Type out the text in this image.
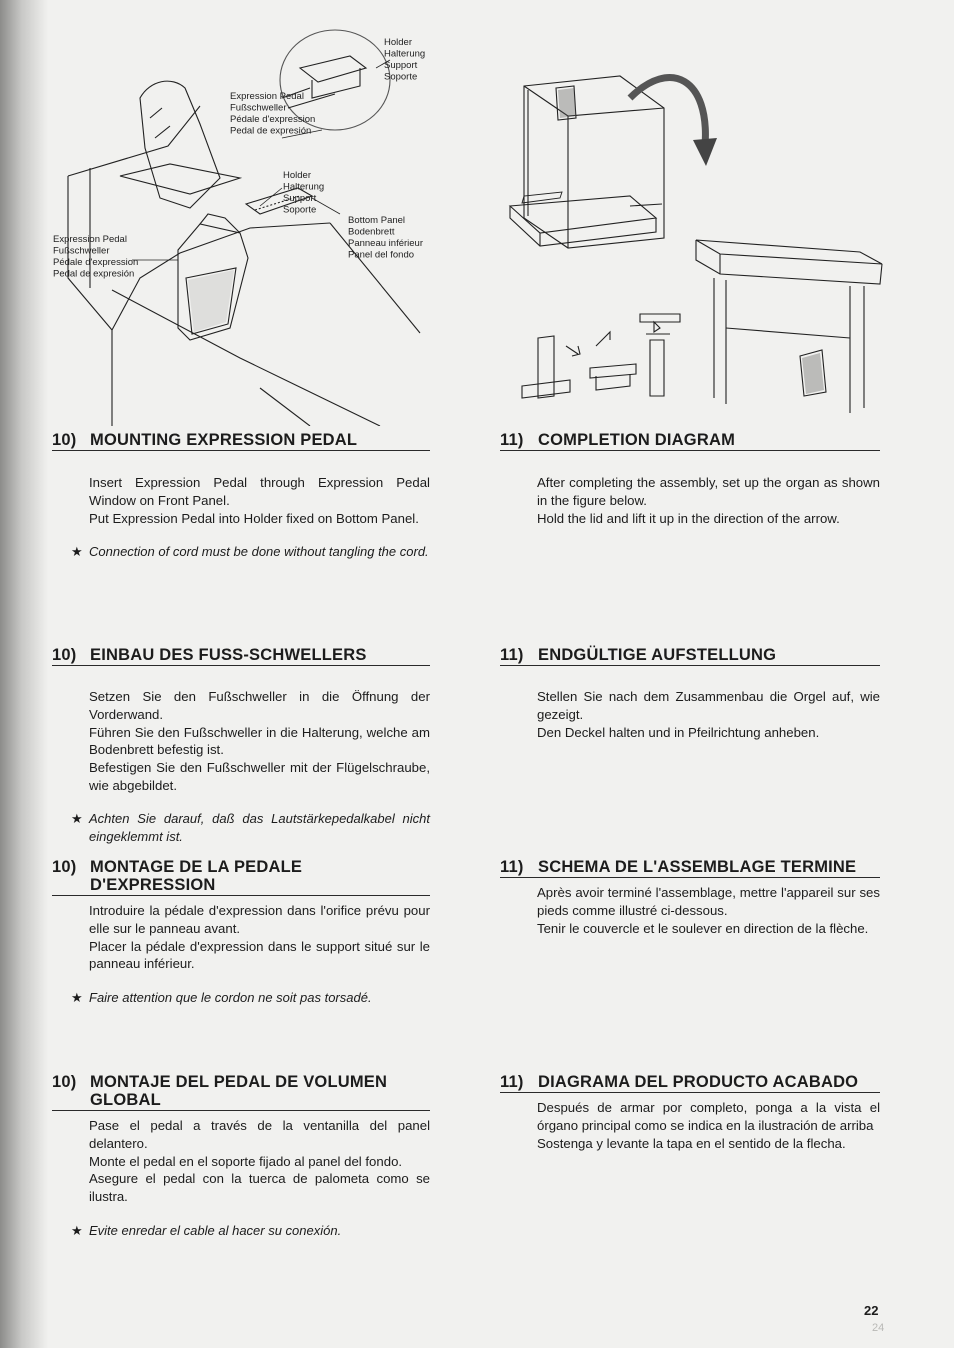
Holder Halterung Support Soporte
Expression Pedal Fußschweller Pédale d'expression Pedal de expresión
Holder Halterung Support Soporte
Bottom Panel Bodenbrett Panneau inférieur Panel del fondo
Expression Pedal Fußschweller Pédale d'expression Pedal de expresión
10) MOUNTING EXPRESSION PEDAL

Insert Expression Pedal through Expression Pedal Window on Front Panel.

Put Expression Pedal into Holder fixed on Bottom Panel.

★ Connection of cord must be done without tangling the cord.
10) EINBAU DES FUSS-SCHWELLERS

Setzen Sie den Fußschweller in die Öffnung der Vorderwand.

Führen Sie den Fußschweller in die Halterung, welche am Bodenbrett befestig ist.

Befestigen Sie den Fußschweller mit der Flügelschraube, wie abgebildet.

★ Achten Sie darauf, daß das Lautstärkepedalkabel nicht eingeklemmt ist.
10) MONTAGE DE LA PEDALE D'EXPRESSION

Introduire la pédale d'expression dans l'orifice prévu pour elle sur le panneau avant.

Placer la pédale d'expression dans le support situé sur le panneau inférieur.

★ Faire attention que le cordon ne soit pas torsadé.
10) MONTAJE DEL PEDAL DE VOLUMEN GLOBAL

Pase el pedal a través de la ventanilla del panel delantero.

Monte el pedal en el soporte fijado al panel del fondo.

Asegure el pedal con la tuerca de palometa como se ilustra.

★ Evite enredar el cable al hacer su conexión.
11) COMPLETION DIAGRAM

After completing the assembly, set up the organ as shown in the figure below.

Hold the lid and lift it up in the direction of the arrow.

11) ENDGÜLTIGE AUFSTELLUNG

Stellen Sie nach dem Zusammenbau die Orgel auf, wie gezeigt.

Den Deckel halten und in Pfeilrichtung anheben.

11) SCHEMA DE L'ASSEMBLAGE TERMINE

Après avoir terminé l'assemblage, mettre l'appareil sur ses pieds comme illustré ci-dessous.

Tenir le couvercle et le soulever en direction de la flèche.

11) DIAGRAMA DEL PRODUCTO ACABADO

Después de armar por completo, ponga a la vista el órgano principal como se indica en la ilustración de arriba

Sostenga y levante la tapa en el sentido de la flecha.

22
24
